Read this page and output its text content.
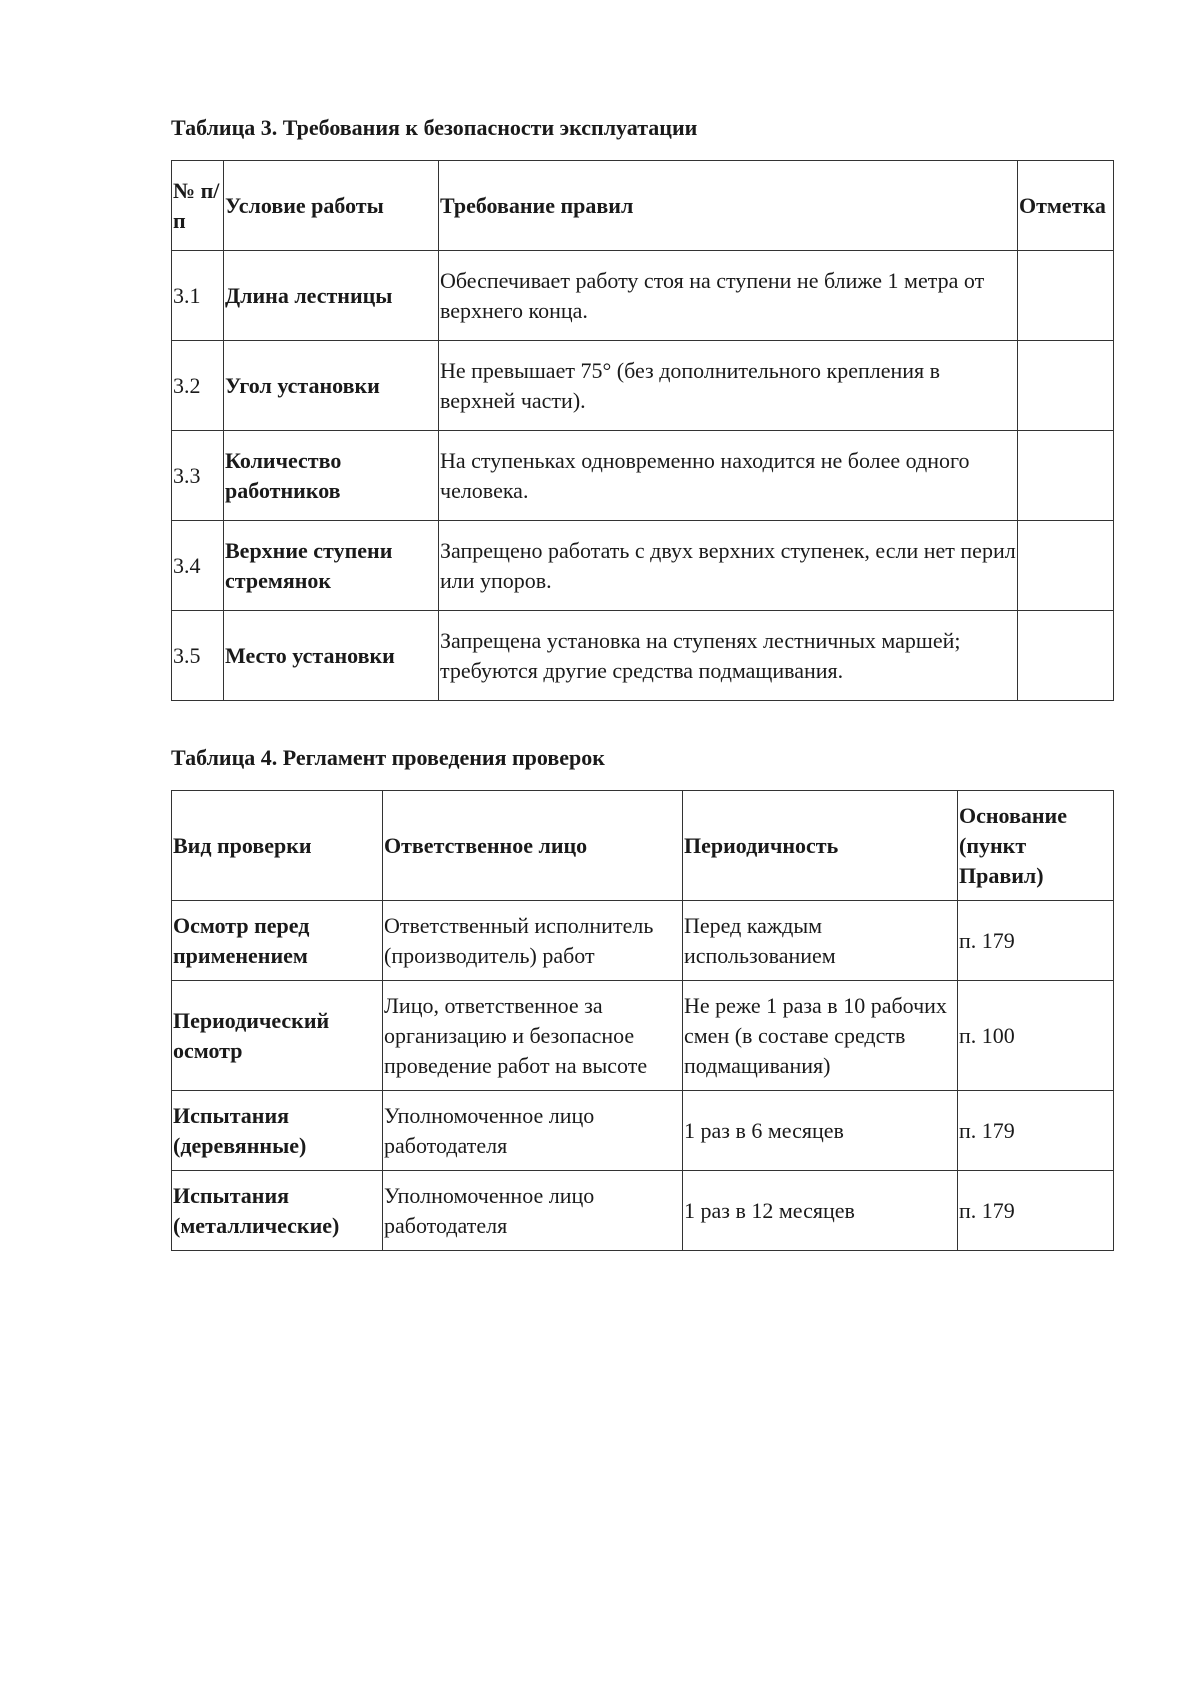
Таблица 3. Требования к безопасности эксплуатации
№ п/п	Условие работы	Требование правил	Отметка
3.1	Длина лестницы	Обеспечивает работу стоя на ступени не ближе 1 метра от верхнего конца.	
3.2	Угол установки	Не превышает 75° (без дополнительного крепления в верхней части).	
3.3	Количество работников	На ступеньках одновременно находится не более одного человека.	
3.4	Верхние ступени стремянок	Запрещено работать с двух верхних ступенек, если нет перил или упоров.	
3.5	Место установки	Запрещена установка на ступенях лестничных маршей; требуются другие средства подмащивания.	
Таблица 4. Регламент проведения проверок
Вид проверки	Ответственное лицо	Периодичность	Основание (пункт Правил)
Осмотр перед применением	Ответственный исполнитель (производитель) работ	Перед каждым использованием	п. 179
Периодический осмотр	Лицо, ответственное за организацию и безопасное проведение работ на высоте	Не реже 1 раза в 10 рабочих смен (в составе средств подмащивания)	п. 100
Испытания (деревянные)	Уполномоченное лицо работодателя	1 раз в 6 месяцев	п. 179
Испытания (металлические)	Уполномоченное лицо работодателя	1 раз в 12 месяцев	п. 179
